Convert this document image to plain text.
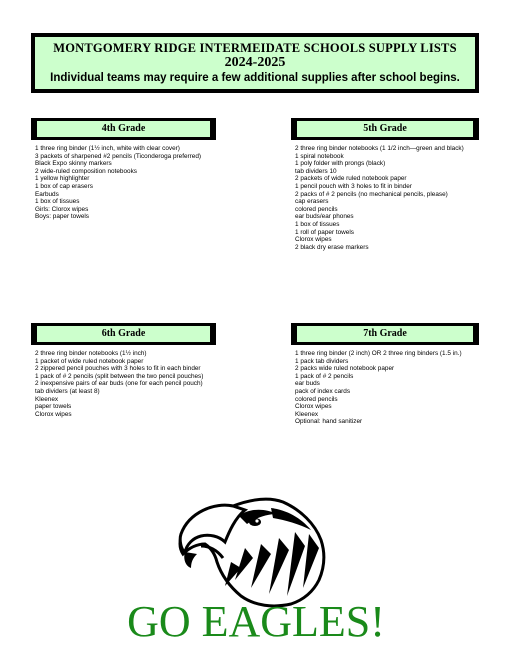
MONTGOMERY RIDGE INTERMEIDATE SCHOOLS SUPPLY LISTS
2024-2025
Individual teams may require a few additional supplies after school begins.
4th Grade
1 three ring binder (1½ inch, white with clear cover)
3 packets of sharpened #2 pencils (Ticonderoga preferred)
Black Expo skinny markers
2 wide-ruled composition notebooks
1 yellow highlighter
1 box of cap erasers
Earbuds
1 box of tissues
Girls: Clorox wipes
Boys: paper towels
5th Grade
2 three ring binder notebooks (1 1/2 inch—green and black)
1 spiral notebook
1 poly folder with prongs (black)
tab dividers 10
2 packets of wide ruled notebook paper
1 pencil pouch with 3 holes to fit in binder
2 packs of # 2 pencils (no mechanical pencils, please)
cap erasers
colored pencils
ear buds/ear phones
1 box of tissues
1 roll of paper towels
Clorox wipes
2 black dry erase markers
6th Grade
2 three ring binder notebooks (1½ inch)
1 packet of wide ruled notebook paper
2 zippered pencil pouches with 3 holes to fit in each binder
1 pack of # 2 pencils (split between the two pencil pouches)
2 inexpensive pairs of ear buds (one for each pencil pouch)
tab dividers (at least 8)
Kleenex
paper towels
Clorox wipes
7th Grade
1 three ring binder (2 inch) OR 2 three ring binders (1.5 in.)
1 pack tab dividers
2 packs wide ruled notebook paper
1 pack of # 2 pencils
ear buds
pack of index cards
colored pencils
Clorox wipes
Kleenex
Optional: hand sanitizer
GO EAGLES!
